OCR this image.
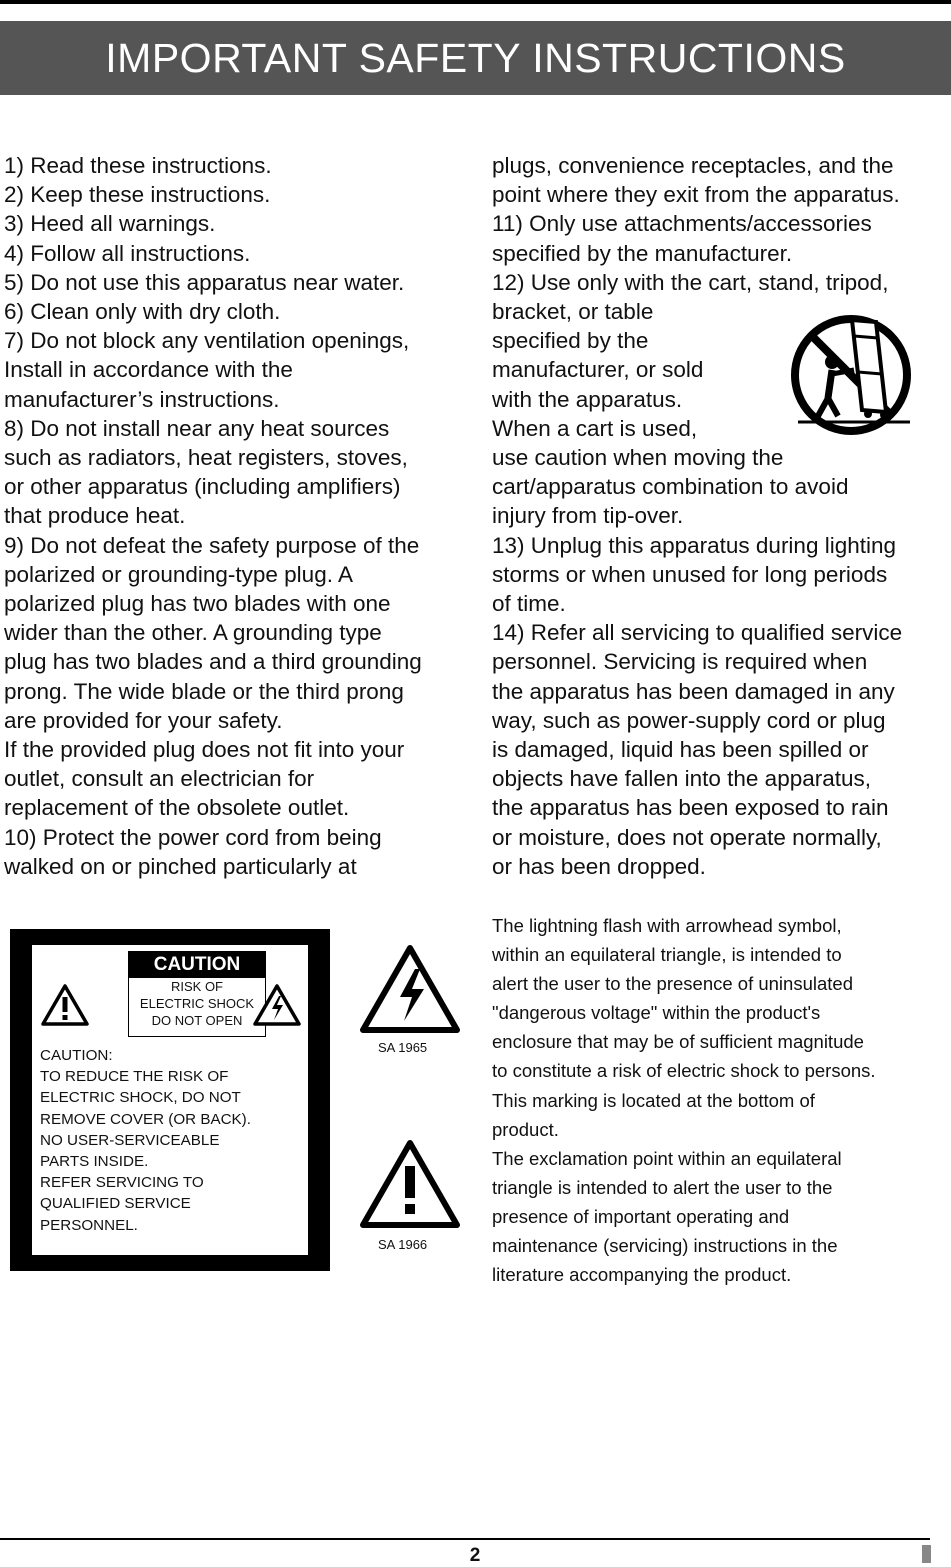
IMPORTANT SAFETY INSTRUCTIONS
1) Read these instructions.
2) Keep these instructions.
3) Heed all warnings.
4) Follow all instructions.
5) Do not use this apparatus near water.
6) Clean only with dry cloth.
7) Do not block any ventilation openings,
Install in accordance with the
manufacturer’s instructions.
8) Do not install near any heat sources
such as radiators, heat registers, stoves,
or other apparatus (including amplifiers)
that produce heat.
9) Do not defeat the safety purpose of the
polarized or grounding-type plug. A
polarized plug has two blades with one
wider than the other. A grounding type
plug has two blades and a third grounding
prong. The wide blade or the third prong
are provided for your safety.
If the provided plug does not fit into your
outlet, consult an electrician for
replacement of the obsolete outlet.
10) Protect the power cord from being
walked on or pinched particularly at
plugs, convenience receptacles, and the
point where they exit from the apparatus.
11) Only use attachments/accessories
specified by the manufacturer.
12) Use only with the cart, stand, tripod,
bracket, or table
specified by the
manufacturer, or sold
with the apparatus.
When a cart is used,
use caution when moving the
cart/apparatus combination to avoid
injury from tip-over.
13) Unplug this apparatus during lighting
storms or when unused for long periods
of time.
14) Refer all servicing to qualified service
personnel. Servicing is required when
the apparatus has been damaged in any
way, such as power-supply cord or plug
is damaged, liquid has been spilled or
objects have fallen into the apparatus,
the apparatus has been exposed to rain
or moisture, does not operate normally,
or has been dropped.
The lightning flash with arrowhead symbol,
within an equilateral triangle, is intended to
alert the user to the presence of uninsulated
"dangerous voltage" within the product's
enclosure that may be of sufficient magnitude
to constitute a risk of electric shock to persons.
This marking is located at the bottom of
product.
The exclamation point within an equilateral
triangle is intended to alert the user to the
presence of important operating and
maintenance (servicing) instructions in the
literature accompanying the product.
CAUTION
RISK OF
ELECTRIC SHOCK
DO NOT OPEN
CAUTION:
TO REDUCE THE RISK OF
ELECTRIC SHOCK, DO NOT
REMOVE COVER (OR BACK).
NO USER-SERVICEABLE
PARTS INSIDE.
REFER SERVICING TO
QUALIFIED SERVICE
PERSONNEL.
SA 1965
SA 1966
2
